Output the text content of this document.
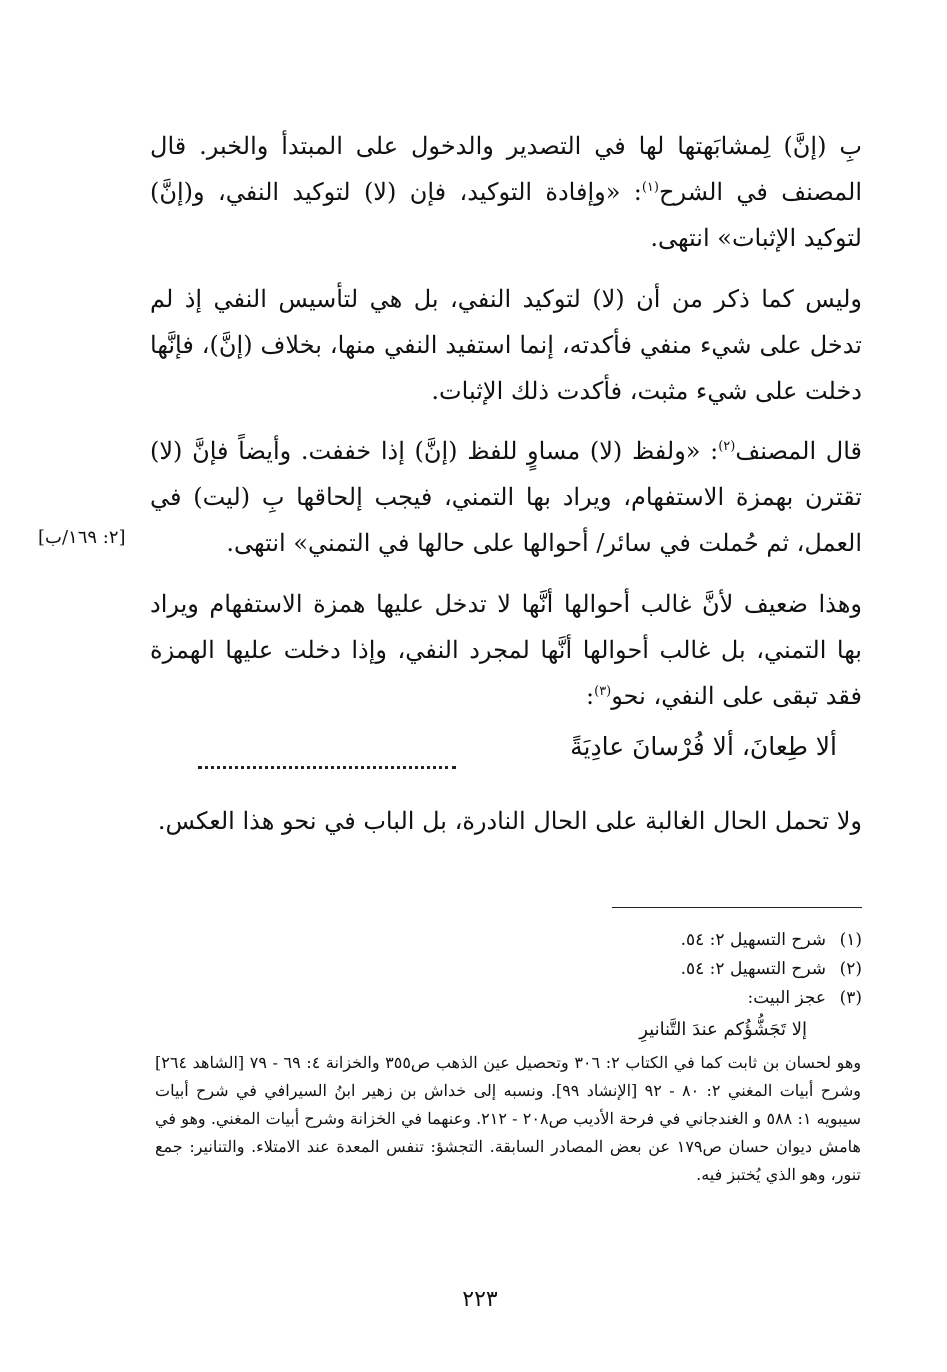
بِ (إنَّ) لِمشابَهتها لها في التصدير والدخول على المبتدأ والخبر. قال المصنف في الشرح$^{(١)}$: «وإفادة التوكيد، فإن (لا) لتوكيد النفي، و(إنَّ) لتوكيد الإثبات» انتهى.
وليس كما ذكر من أن (لا) لتوكيد النفي، بل هي لتأسيس النفي إذ لم تدخل على شيء منفي فأكدته، إنما استفيد النفي منها، بخلاف (إنَّ)، فإنَّها دخلت على شيء مثبت، فأكدت ذلك الإثبات.
قال المصنف$^{(٢)}$: «ولفظ (لا) مساوٍ للفظ (إنَّ) إذا خففت. وأيضاً فإنَّ (لا) تقترن بهمزة الاستفهام، ويراد بها التمني، فيجب إلحاقها بِ (ليت) في العمل، ثم حُملت في سائر/ أحوالها على حالها في التمني» انتهى.
[٢: ١٦٩/ب]
وهذا ضعيف لأنَّ غالب أحوالها أنَّها لا تدخل عليها همزة الاستفهام ويراد بها التمني، بل غالب أحوالها أنَّها لمجرد النفي، وإذا دخلت عليها الهمزة فقد تبقى على النفي، نحو$^{(٣)}$:
ألا طِعانَ، ألا فُرْسانَ عادِيَةً
ولا تحمل الحال الغالبة على الحال النادرة، بل الباب في نحو هذا العكس.
(١)شرح التسهيل ٢: ٥٤.
(٢)شرح التسهيل ٢: ٥٤.
(٣)عجز البيت:
إلا تَجَشُّؤُكم عندَ التَّنانيرِ
وهو لحسان بن ثابت كما في الكتاب ٢: ٣٠٦ وتحصيل عين الذهب ص٣٥٥ والخزانة ٤: ٦٩ - ٧٩ [الشاهد ٢٦٤] وشرح أبيات المغني ٢: ٨٠ - ٩٢ [الإنشاد ٩٩]. ونسبه إلى خداش بن زهير ابنُ السيرافي في شرح أبيات سيبويه ١: ٥٨٨ و الغندجاني في فرحة الأديب ص٢٠٨ - ٢١٢. وعنهما في الخزانة وشرح أبيات المغني. وهو في هامش ديوان حسان ص١٧٩ عن بعض المصادر السابقة. التجشؤ: تنفس المعدة عند الامتلاء. والتنانير: جمع تنور، وهو الذي يُختبز فيه.
٢٢٣
